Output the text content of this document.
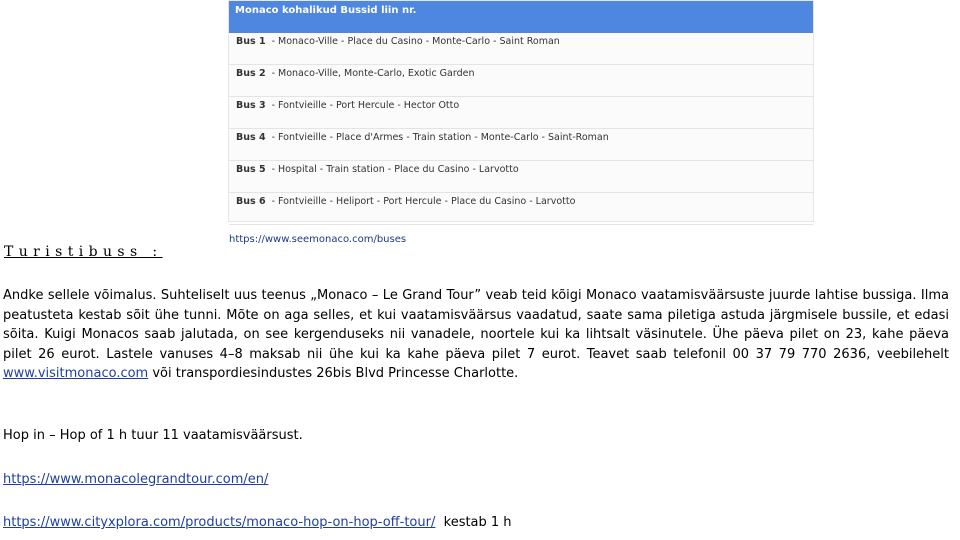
Monaco kohalikud Bussid liin nr.
Bus 1 - Monaco-Ville - Place du Casino - Monte-Carlo - Saint Roman
Bus 2 - Monaco-Ville, Monte-Carlo, Exotic Garden
Bus 3 - Fontvieille - Port Hercule - Hector Otto
Bus 4 - Fontvieille - Place d'Armes - Train station - Monte-Carlo - Saint-Roman
Bus 5 - Hospital - Train station - Place du Casino - Larvotto
Bus 6 - Fontvieille - Heliport - Port Hercule - Place du Casino - Larvotto
https://www.seemonaco.com/buses
Turistibuss :
Andke sellele võimalus. Suhteliselt uus teenus „Monaco – Le Grand Tour” veab teid kõigi Monaco vaatamisväärsuste juurde lahtise bussiga. Ilma peatusteta kestab sõit ühe tunni. Mõte on aga selles, et kui vaatamisväärsus vaadatud, saate sama piletiga astuda järgmisele bussile, et edasi sõita. Kuigi Monacos saab jalutada, on see kergenduseks nii vanadele, noortele kui ka lihtsalt väsinutele. Ühe päeva pilet on 23, kahe päeva pilet 26 eurot. Lastele vanuses 4–8 maksab nii ühe kui ka kahe päeva pilet 7 eurot. Teavet saab telefonil 00 37 79 770 2636, veebilehelt www.visitmonaco.com või transpordiesindustes 26bis Blvd Princesse Charlotte.
Hop in – Hop of 1 h tuur 11 vaatamisväärsust.
https://www.monacolegrandtour.com/en/
https://www.cityxplora.com/products/monaco-hop-on-hop-off-tour/ kestab 1 h
